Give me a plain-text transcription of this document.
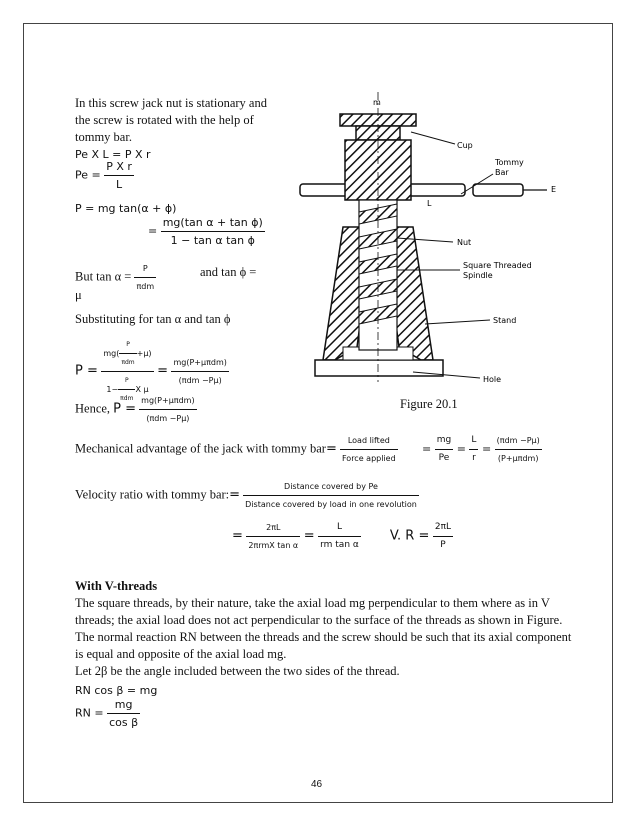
In this screw jack nut is stationary and
the screw is rotated with the help of
tommy bar.
Pe X L = P X r
$Pe = \frac{\text{P X r}}{L}$
P = mg tan(α + ϕ)
= $\frac{\text{mg(tan α + tan ϕ)}}{\text{1 − tan α tan ϕ}}$
But $\tan \alpha = \frac{P}{\text{πdm}}$	and tan ϕ =
μ
Substituting for tan α and tan ϕ
$P = \frac{mg( \frac{P}{\text{πdm}} +\mu)}{1- \frac{P}{\text{πdm}} X \mu} = \frac{\text{mg(P+μπdm)}}{\text{(πdm −Pμ)}}$
Hence, $P = \frac{\text{mg(P+μπdm)}}{\text{(πdm −Pμ)}}$
m
Cup
Tommy
Bar
E
L
Nut
Square Threaded
Spindle
Stand
Hole
Figure 20.1
Mechanical advantage of the jack with tommy $bar= \frac{\text{Load lifted}}{\text{Force applied}} = \frac{mg}{Pe} = \frac{L}{r} = \frac{\text{(πdm −Pμ)}}{\text{(P+μπdm)}}$
Velocity ratio with tommy bar:= $\frac{\text{Distance covered by Pe}}{\text{Distance covered by load in one revolution}}$
= $\frac{2\pi L}{\text{2πrmX tan α}} = \frac{L}{\text{rm tan α}} V$. $R = \frac{2\pi L}{P}$
With V-threads
The square threads, by their nature, take the axial load mg perpendicular to them where as in V threads; the axial load does not act perpendicular to the surface of the threads as shown in Figure. The normal reaction RN between the threads and the screw should be such that its axial component is equal and opposite of the axial load mg.
Let 2β be the angle included between the two sides of the thread.
RN cos β = mg
RN = $\frac{mg}{\text{cos β}}$
46
